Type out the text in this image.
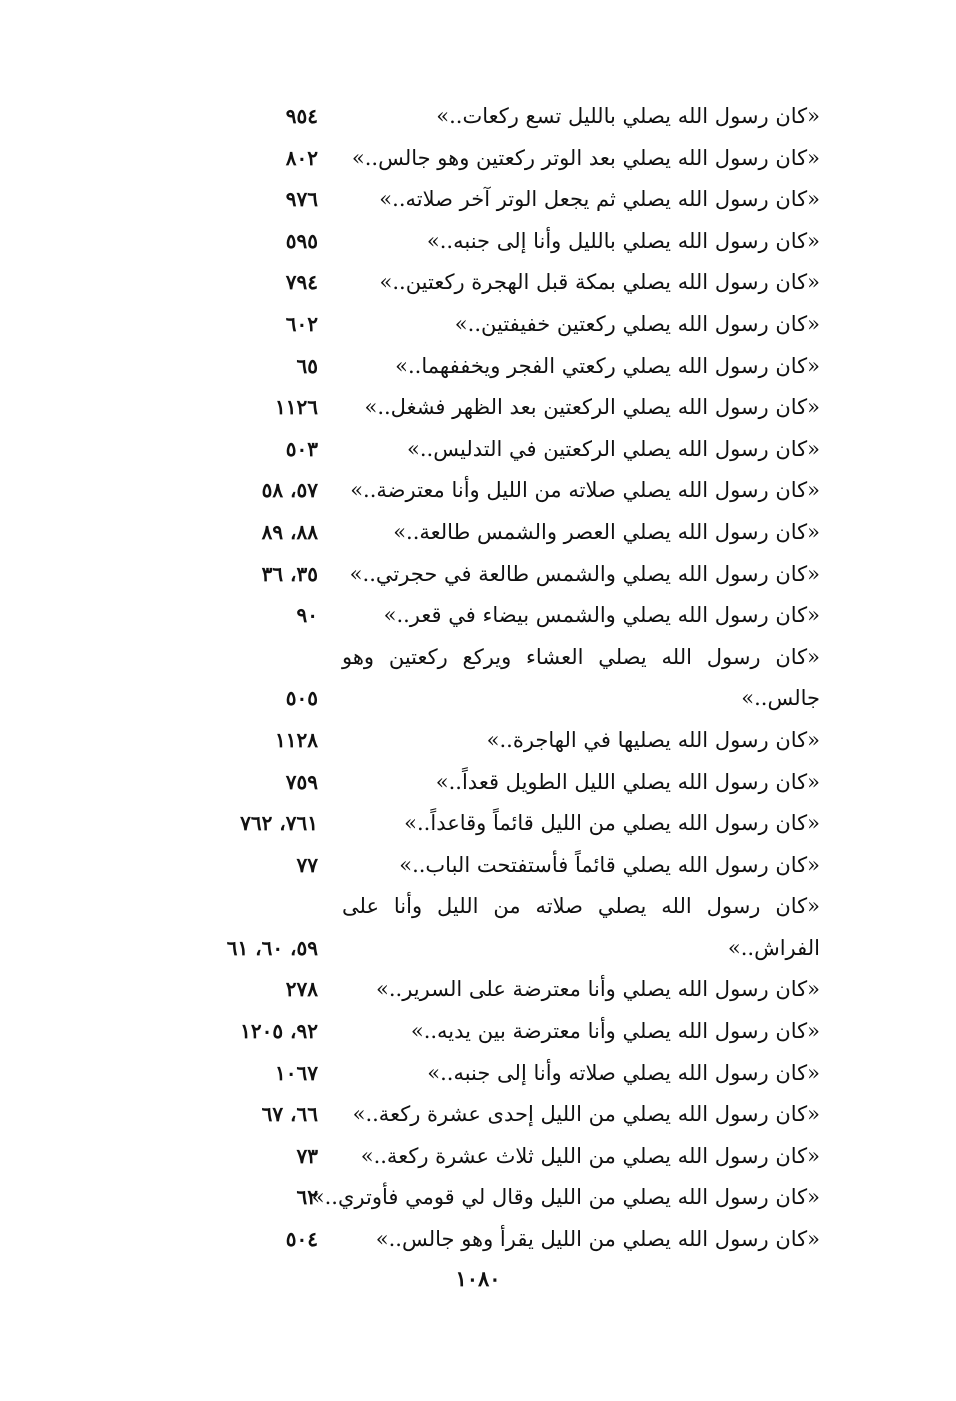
«كان رسول الله يصلي بالليل تسع ركعات..»
٩٥٤
«كان رسول الله يصلي بعد الوتر ركعتين وهو جالس..»
٨٠٢
«كان رسول الله يصلي ثم يجعل الوتر آخر صلاته..»
٩٧٦
«كان رسول الله يصلي بالليل وأنا إلى جنبه..»
٥٩٥
«كان رسول الله يصلي بمكة قبل الهجرة ركعتين..»
٧٩٤
«كان رسول الله يصلي ركعتين خفيفتين..»
٦٠٢
«كان رسول الله يصلي ركعتي الفجر ويخففهما..»
٦٥
«كان رسول الله يصلي الركعتين بعد الظهر فشغل..»
١١٢٦
«كان رسول الله يصلي الركعتين في التدليس..»
٥٠٣
«كان رسول الله يصلي صلاته من الليل وأنا معترضة..»
٥٧، ٥٨
«كان رسول الله يصلي العصر والشمس طالعة..»
٨٨، ٨٩
«كان رسول الله يصلي والشمس طالعة في حجرتي..»
٣٥، ٣٦
«كان رسول الله يصلي والشمس بيضاء في قعر..»
٩٠
«كان رسول الله يصلي العشاء ويركع ركعتين وهو جالس..»
٥٠٥
«كان رسول الله يصليها في الهاجرة..»
١١٢٨
«كان رسول الله يصلي الليل الطويل قعداً..»
٧٥٩
«كان رسول الله يصلي من الليل قائماً وقاعداً..»
٧٦١، ٧٦٢
«كان رسول الله يصلي قائماً فأستفتحت الباب..»
٧٧
«كان رسول الله يصلي صلاته من الليل وأنا على الفراش..»
٥٩، ٦٠، ٦١
«كان رسول الله يصلي وأنا معترضة على السرير..»
٢٧٨
«كان رسول الله يصلي وأنا معترضة بين يديه..»
٩٢، ١٢٠٥
«كان رسول الله يصلي صلاته وأنا إلى جنبه..»
١٠٦٧
«كان رسول الله يصلي من الليل إحدى عشرة ركعة..»
٦٦، ٦٧
«كان رسول الله يصلي من الليل ثلاث عشرة ركعة..»
٧٣
«كان رسول الله يصلي من الليل وقال لي قومي فأوتري..»
٦٢
«كان رسول الله يصلي من الليل يقرأ وهو جالس..»
٥٠٤
١٠٨٠
